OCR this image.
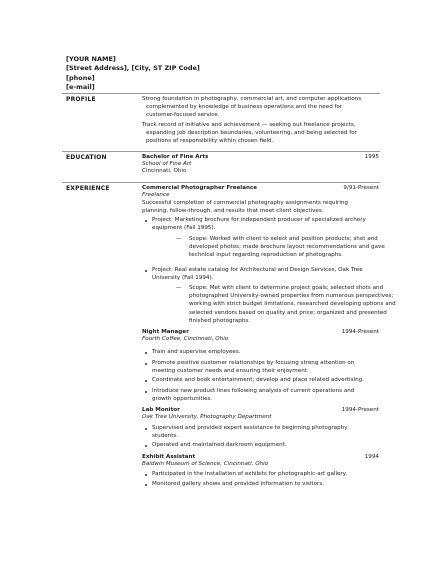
[YOUR NAME]
[Street Address], [City, ST ZIP Code]
[phone]
[e-mail]
PROFILE	Strong foundation in photography, commercial art, and computer applications
complemented by knowledge of business operations and the need for
customer-focused service.
Track record of initiative and achievement — seeking out freelance projects,
expanding job description boundaries, volunteering, and being selected for
positions of responsibility within chosen field.
EDUCATION	Bachelor of Fine Arts	1995
School of Fine Art
Cincinnati, Ohio
EXPERIENCE	Commercial Photographer Freelance	9/91-Present
Freelance
Successful completion of commercial photography assignments requiring
planning, follow-through, and results that meet client objectives.
Project: Marketing brochure for independent producer of specialized archery
equipment (Fall 1995).
— Scope: Worked with client to select and position products; shot and
developed photos; made brochure layout recommendations and gave
technical input regarding reproduction of photographs.
Project: Real estate catalog for Architectural and Design Services, Oak Tree
University (Fall 1994).
— Scope: Met with client to determine project goals; selected shots and
photographed University-owned properties from numerous perspectives;
working with strict budget limitations, researched developing options and
selected vendors based on quality and price; organized and presented
finished photographs.
Night Manager	1994-Present
Fourth Coffee, Cincinnati, Ohio
Train and supervise employees.
Promote positive customer relationships by focusing strong attention on
meeting customer needs and ensuring their enjoyment.
Coordinate and book entertainment; develop and place related advertising.
Introduce new product lines following analysis of current operations and
growth opportunities.
Lab Monitor	1994-Present
Oak Tree University, Photography Department
Supervised and provided expert assistance to beginning photography
students.
Operated and maintained darkroom equipment.
Exhibit Assistant	1994
Baldwin Museum of Science, Cincinnati, Ohio
Participated in the installation of exhibits for photographic-art gallery.
Monitored gallery shows and provided information to visitors.
